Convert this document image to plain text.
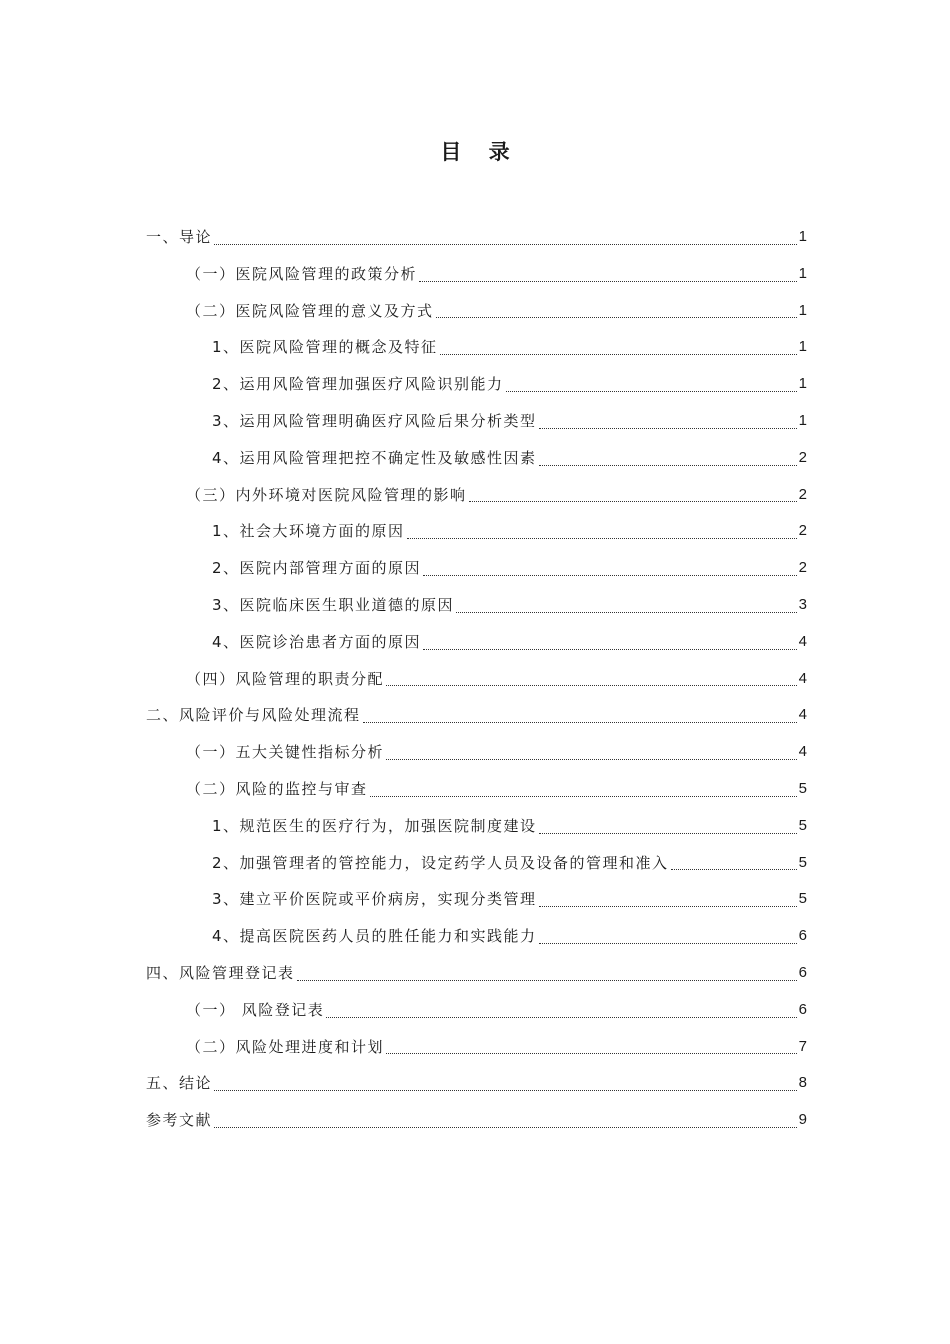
目 录
一、导论	1
（一）医院风险管理的政策分析	1
（二）医院风险管理的意义及方式	1
1、医院风险管理的概念及特征	1
2、运用风险管理加强医疗风险识别能力	1
3、运用风险管理明确医疗风险后果分析类型	1
4、运用风险管理把控不确定性及敏感性因素	2
（三）内外环境对医院风险管理的影响	2
1、社会大环境方面的原因	2
2、医院内部管理方面的原因	2
3、医院临床医生职业道德的原因	3
4、医院诊治患者方面的原因	4
（四）风险管理的职责分配	4
二、风险评价与风险处理流程	4
（一）五大关键性指标分析	4
（二）风险的监控与审查	5
1、规范医生的医疗行为，加强医院制度建设	5
2、加强管理者的管控能力，设定药学人员及设备的管理和准入	5
3、建立平价医院或平价病房，实现分类管理	5
4、提高医院医药人员的胜任能力和实践能力	6
四、风险管理登记表	6
（一） 风险登记表	6
（二）风险处理进度和计划	7
五、结论	8
参考文献	9
